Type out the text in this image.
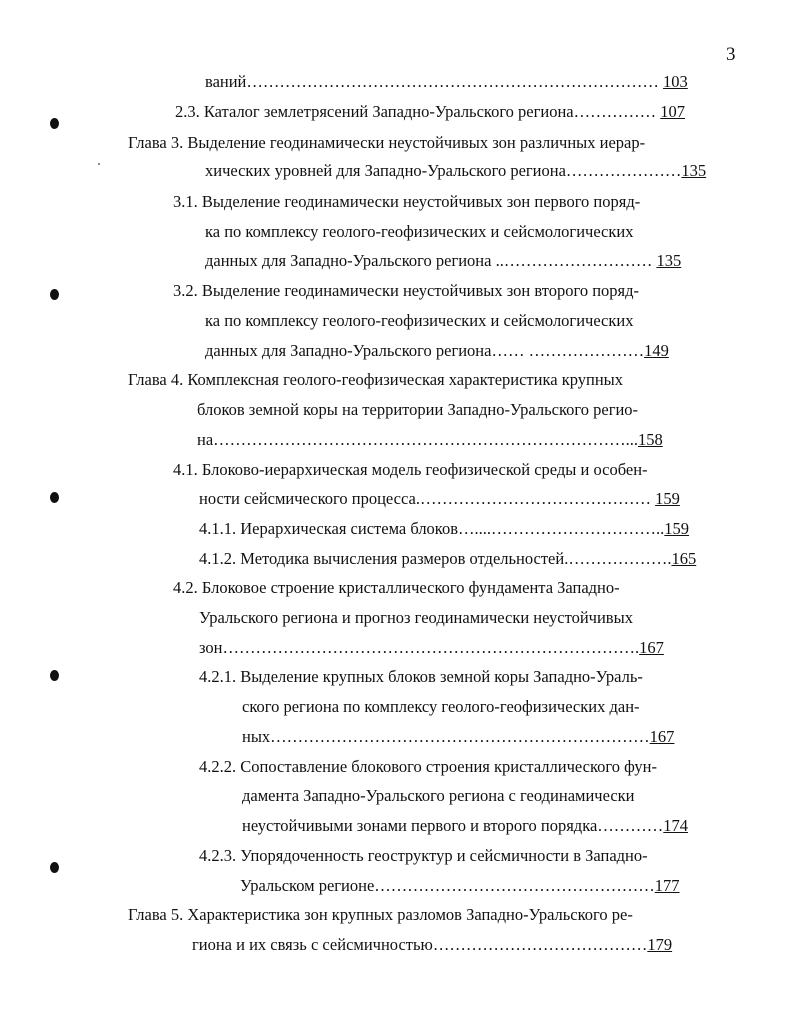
3
ваний………………………………………………………………… 103
2.3. Каталог землетрясений Западно-Уральского региона…………… 107
Глава 3. Выделение геодинамически неустойчивых зон различных иерар-
хических уровней для Западно-Уральского региона…………………135
3.1. Выделение геодинамически неустойчивых зон первого поряд-
ка по комплексу геолого-геофизических и сейсмологических
данных для Западно-Уральского региона ..……………………… 135
3.2. Выделение геодинамически неустойчивых зон второго поряд-
ка по комплексу геолого-геофизических и сейсмологических
данных для Западно-Уральского региона…… …………………149
Глава 4. Комплексная геолого-геофизическая характеристика крупных
блоков земной коры на территории Западно-Уральского регио-
на…………………………………………………………………...158
4.1. Блоково-иерархическая модель геофизической среды и особен-
ности сейсмического процесса.…………………………………… 159
4.1.1. Иерархическая система блоков…....…………………………..159
4.1.2. Методика вычисления размеров отдельностей.……………….165
4.2. Блоковое строение кристаллического фундамента Западно-
Уральского региона и прогноз геодинамически неустойчивых
зон………………………………………………………………….167
4.2.1. Выделение крупных блоков земной коры Западно-Ураль-
ского региона по комплексу геолого-геофизических дан-
ных……………………………………………………………167
4.2.2. Сопоставление блокового строения кристаллического фун-
дамента Западно-Уральского региона с геодинамически
неустойчивыми зонами первого и второго порядка…………174
4.2.3. Упорядоченность геоструктур и сейсмичности в Западно-
Уральском регионе……………………………………………177
Глава 5. Характеристика зон крупных разломов Западно-Уральского ре-
гиона и их связь с сейсмичностью…………………………………179
